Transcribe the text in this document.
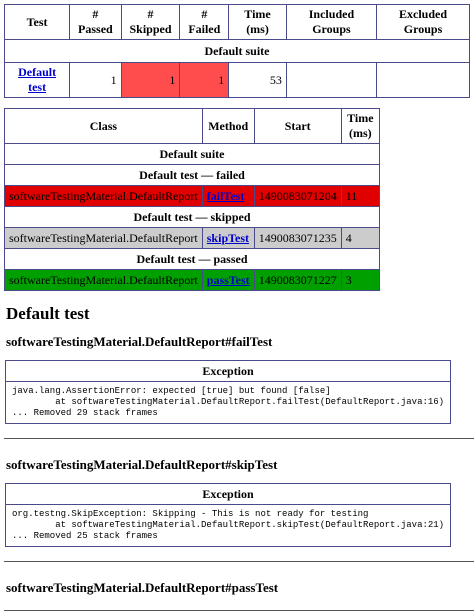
Test	# Passed	# Skipped	# Failed	Time (ms)	Included Groups	Excluded Groups
Default suite						
Default test	1	1	1	53		
Class	Method	Start	Time (ms)
Default suite			
Default test — failed			
softwareTestingMaterial.DefaultReport	failTest	1490083071204	11
Default test — skipped			
softwareTestingMaterial.DefaultReport	skipTest	1490083071235	4
Default test — passed			
softwareTestingMaterial.DefaultReport	passTest	1490083071227	3
Default test
softwareTestingMaterial.DefaultReport#failTest
Exception
java.lang.AssertionError: expected [true] but found [false]
at softwareTestingMaterial.DefaultReport.failTest(DefaultReport.java:16)
... Removed 29 stack frames
softwareTestingMaterial.DefaultReport#skipTest
Exception
org.testng.SkipException: Skipping - This is not ready for testing
at softwareTestingMaterial.DefaultReport.skipTest(DefaultReport.java:21)
... Removed 25 stack frames
softwareTestingMaterial.DefaultReport#passTest
